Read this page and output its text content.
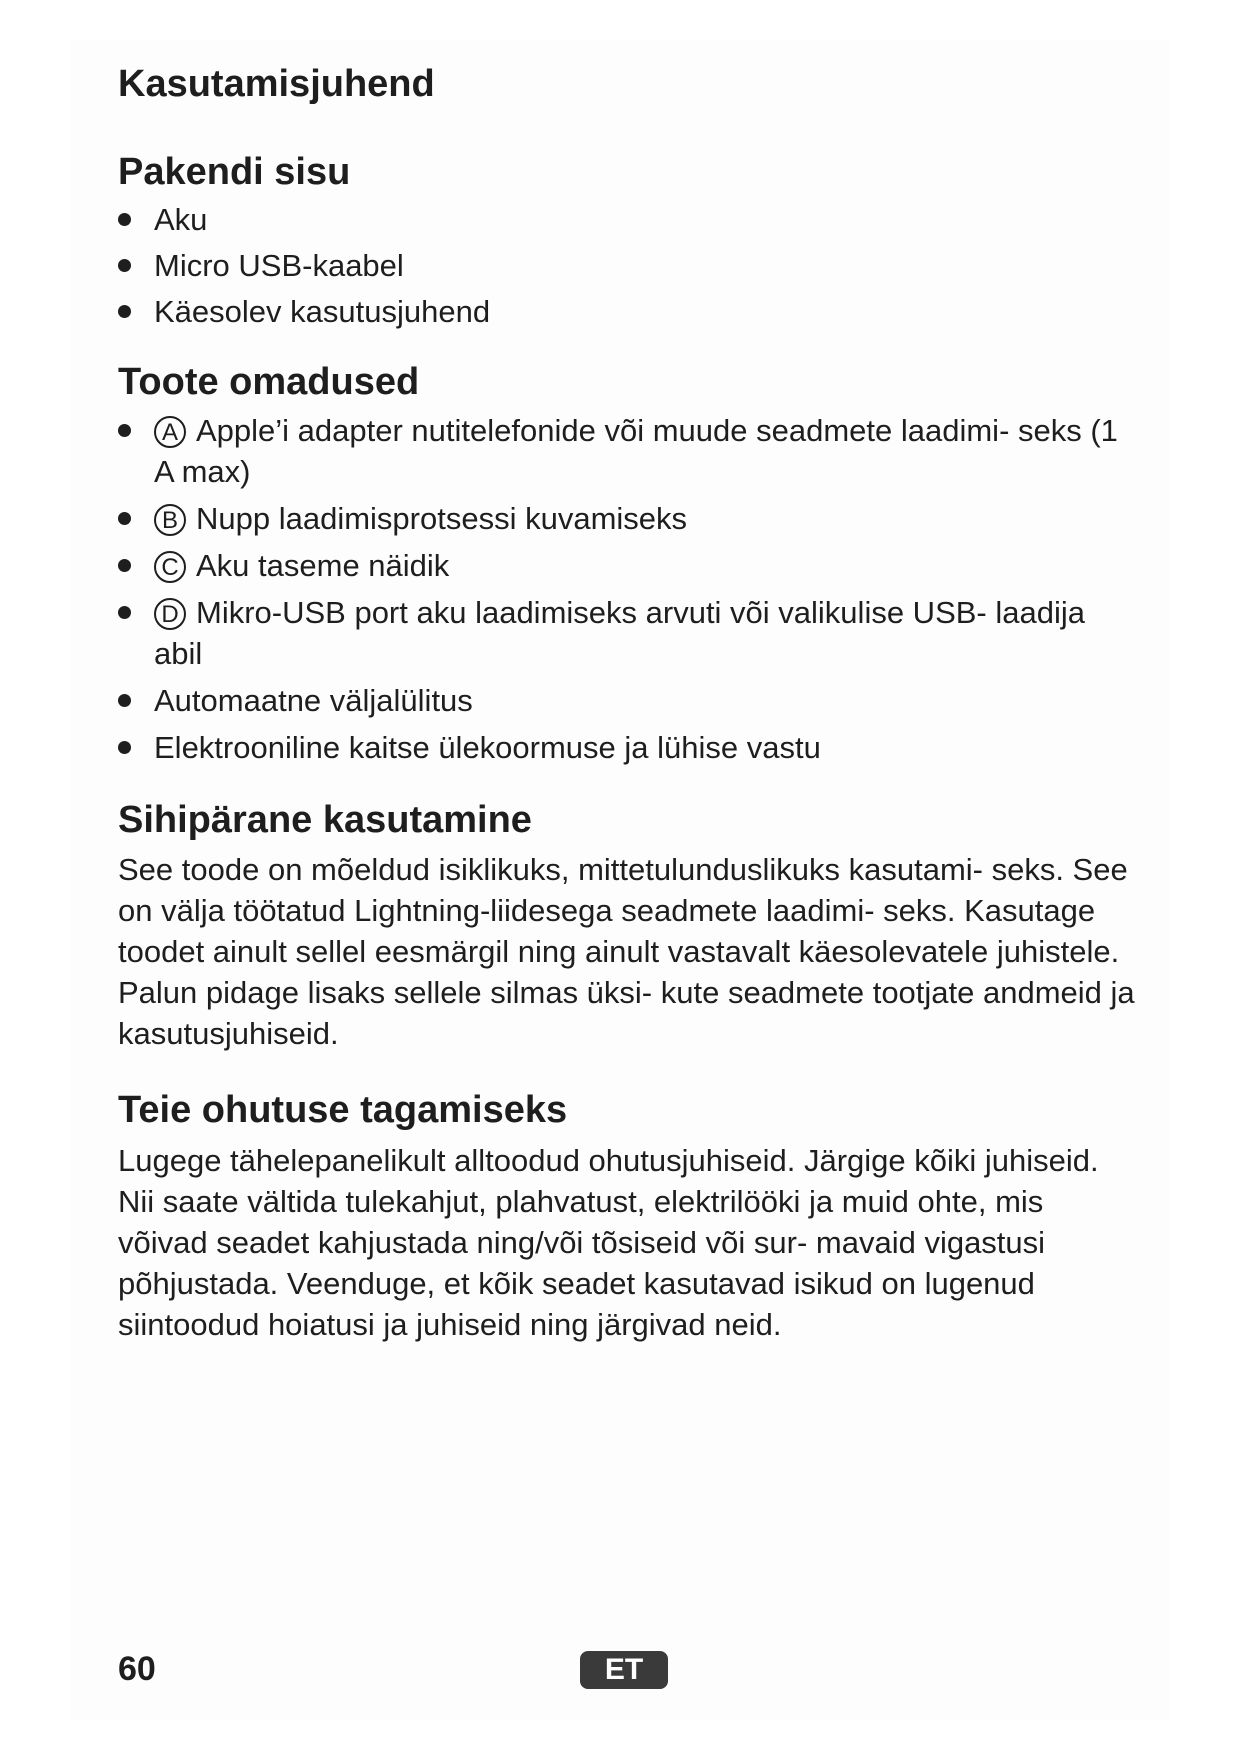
Kasutamisjuhend
Pakendi sisu
Aku
Micro USB-kaabel
Käesolev kasutusjuhend
Toote omadused
A Apple’i adapter nutitelefonide või muude seadmete laadimi- seks (1 A max)
B Nupp laadimisprotsessi kuvamiseks
C Aku taseme näidik
D Mikro-USB port aku laadimiseks arvuti või valikulise USB- laadija abil
Automaatne väljalülitus
Elektrooniline kaitse ülekoormuse ja lühise vastu
Sihipärane kasutamine

See toode on mõeldud isiklikuks, mittetulunduslikuks kasutami- seks. See on välja töötatud Lightning-liidesega seadmete laadimi- seks. Kasutage toodet ainult sellel eesmärgil ning ainult vastavalt käesolevatele juhistele. Palun pidage lisaks sellele silmas üksi- kute seadmete tootjate andmeid ja kasutusjuhiseid.

Teie ohutuse tagamiseks

Lugege tähelepanelikult alltoodud ohutusjuhiseid. Järgige kõiki juhiseid. Nii saate vältida tulekahjut, plahvatust, elektrilööki ja muid ohte, mis võivad seadet kahjustada ning/või tõsiseid või sur- mavaid vigastusi põhjustada. Veenduge, et kõik seadet kasutavad isikud on lugenud siintoodud hoiatusi ja juhiseid ning järgivad neid.

60	ET
